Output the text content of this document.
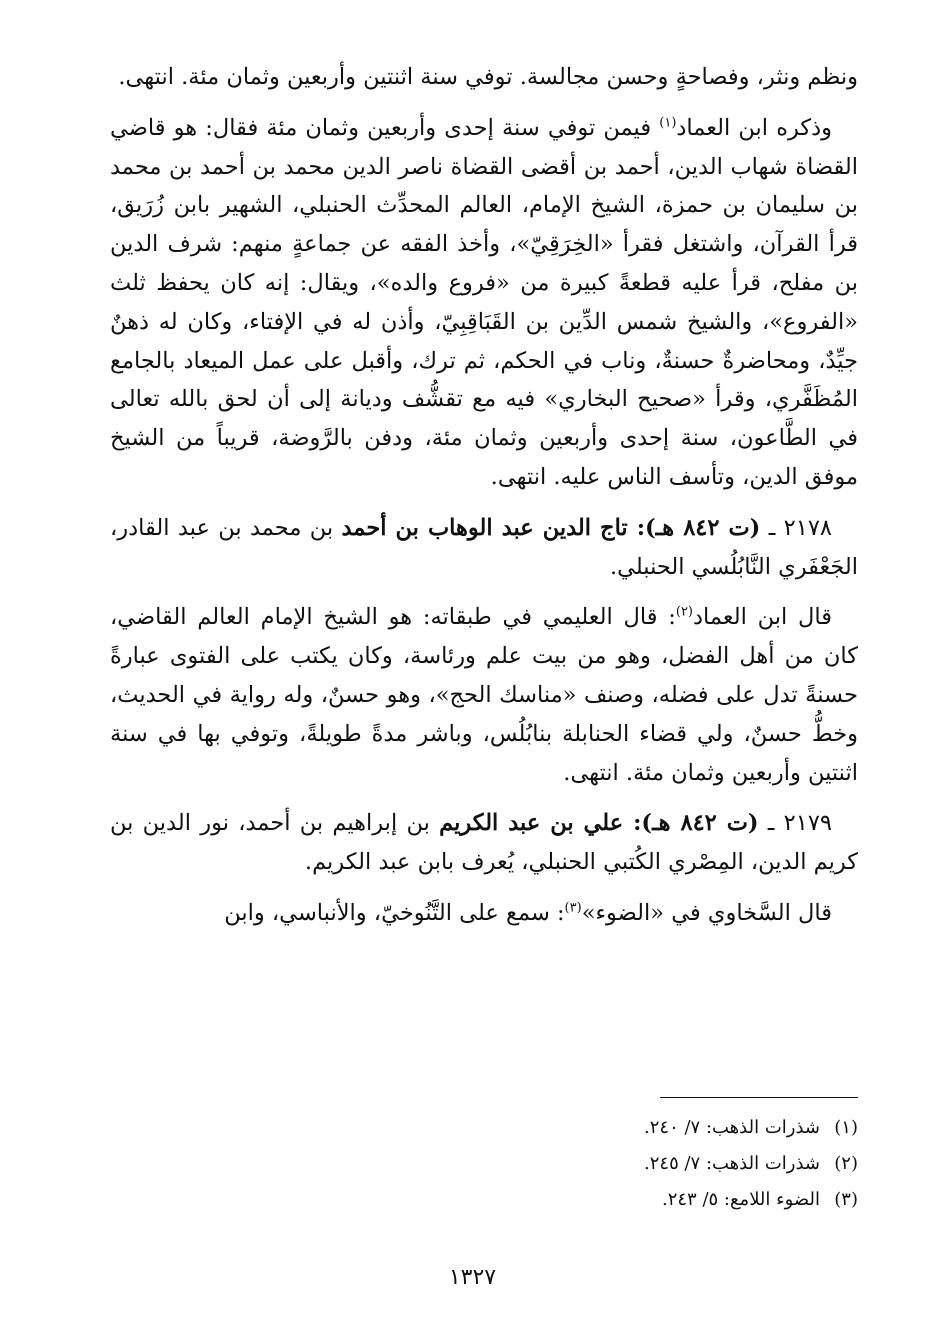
ونظم ونثر، وفصاحةٍ وحسن مجالسة. توفي سنة اثنتين وأربعين وثمان مئة. انتهى.

وذكره ابن العماد$^{(١)}$ فيمن توفي سنة إحدى وأربعين وثمان مئة فقال: هو قاضي القضاة شهاب الدين، أحمد بن أقضى القضاة ناصر الدين محمد بن أحمد بن محمد بن سليمان بن حمزة، الشيخ الإمام، العالم المحدِّث الحنبلي، الشهير بابن زُرَيق، قرأ القرآن، واشتغل فقرأ «الخِرَقِيّ»، وأخذ الفقه عن جماعةٍ منهم: شرف الدين بن مفلح، قرأ عليه قطعةً كبيرة من «فروع والده»، ويقال: إنه كان يحفظ ثلث «الفروع»، والشيخ شمس الدِّين بن القَبَاقِبِيّ، وأذن له في الإفتاء، وكان له ذهنٌ جيِّدٌ، ومحاضرةٌ حسنةٌ، وناب في الحكم، ثم ترك، وأقبل على عمل الميعاد بالجامع المُظَفَّري، وقرأ «صحيح البخاري» فيه مع تقشُّف وديانة إلى أن لحق بالله تعالى في الطَّاعون، سنة إحدى وأربعين وثمان مئة، ودفن بالرَّوضة، قريباً من الشيخ موفق الدين، وتأسف الناس عليه. انتهى.

٢١٧٨ ـ (ت ٨٤٢ هـ): تاج الدين عبد الوهاب بن أحمد بن محمد بن عبد القادر، الجَعْفَري النَّابُلُسي الحنبلي.

قال ابن العماد$^{(٢)}$: قال العليمي في طبقاته: هو الشيخ الإمام العالم القاضي، كان من أهل الفضل، وهو من بيت علم ورئاسة، وكان يكتب على الفتوى عبارةً حسنةً تدل على فضله، وصنف «مناسك الحج»، وهو حسنٌ، وله رواية في الحديث، وخطُّ حسنٌ، ولي قضاء الحنابلة بنابُلُس، وباشر مدةً طويلةً، وتوفي بها في سنة اثنتين وأربعين وثمان مئة. انتهى.

٢١٧٩ ـ (ت ٨٤٢ هـ): علي بن عبد الكريم بن إبراهيم بن أحمد، نور الدين بن كريم الدين، المِصْري الكُتبي الحنبلي، يُعرف بابن عبد الكريم.

قال السَّخاوي في «الضوء»$^{(٣)}$: سمع على التَّنُوخيّ، والأنباسي، وابن

(١)شذرات الذهب: ٧/ ٢٤٠.
(٢)شذرات الذهب: ٧/ ٢٤٥.
(٣)الضوء اللامع: ٥/ ٢٤٣.
١٣٢٧
